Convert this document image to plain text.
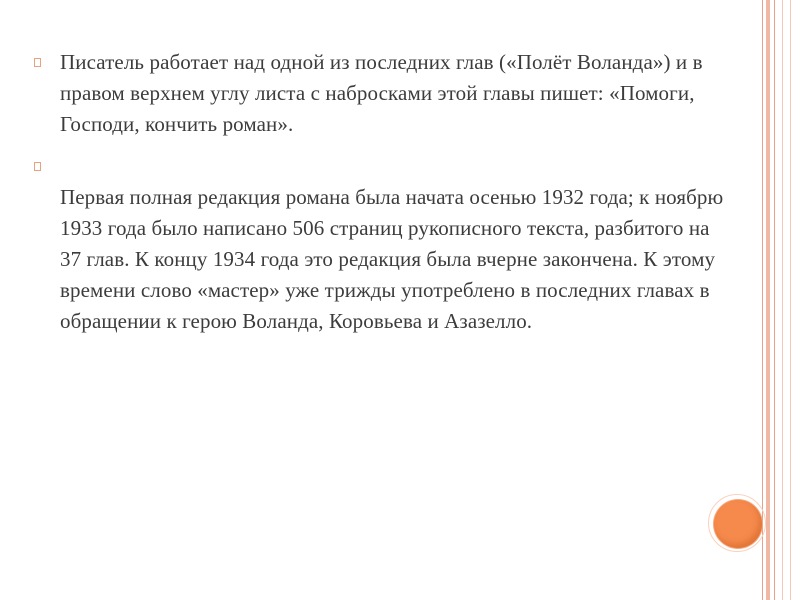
Писатель работает над одной из последних глав («Полёт Воланда») и в правом верхнем углу листа с набросками этой главы пишет: «Помоги, Господи, кончить роман».
Первая полная редакция романа была начата осенью 1932 года; к ноябрю 1933 года было написано 506 страниц рукописного текста, разбитого на 37 глав. К концу 1934 года это редакция была вчерне закончена. К этому времени слово «мастер» уже трижды употреблено в последних главах в обращении к герою Воланда, Коровьева и Азазелло.
